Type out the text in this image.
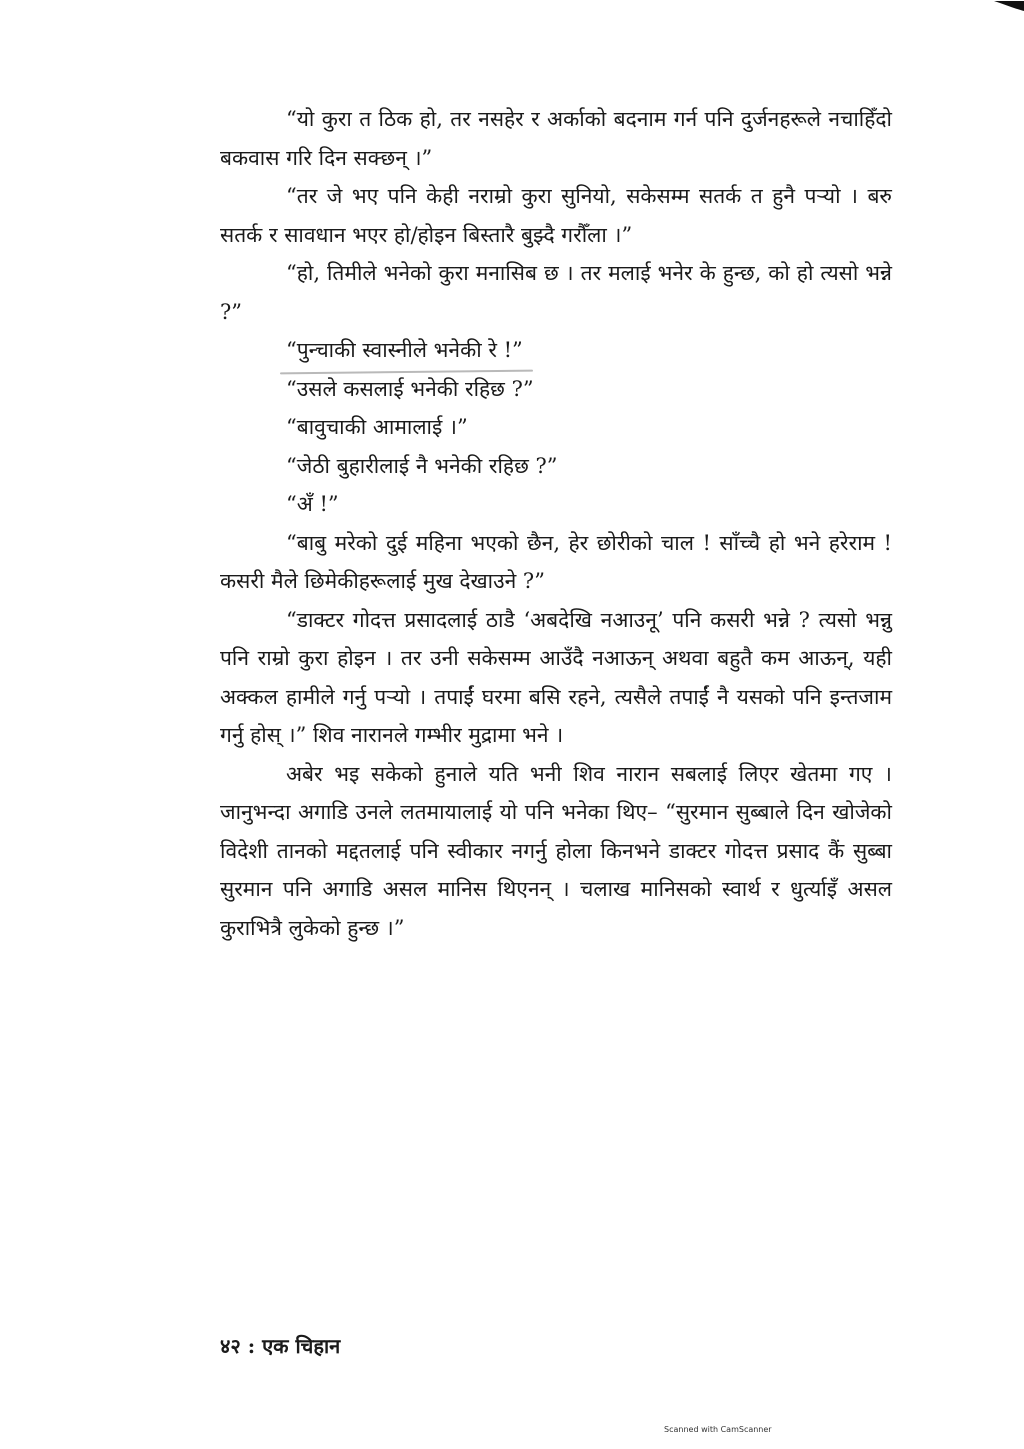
“यो कुरा त ठिक हो, तर नसहेर र अर्काको बदनाम गर्न पनि दुर्जनहरूले नचाहिँदो बकवास गरि दिन सक्छन् ।”

“तर जे भए पनि केही नराम्रो कुरा सुनियो, सकेसम्म सतर्क त हुनै पऱ्यो । बरु सतर्क र सावधान भएर हो/होइन बिस्तारै बुझ्दै गरौँला ।”

“हो, तिमीले भनेको कुरा मनासिब छ । तर मलाई भनेर के हुन्छ, को हो त्यसो भन्ने ?”

“पुन्चाकी स्वास्नीले भनेकी रे !”

“उसले कसलाई भनेकी रहिछ ?”

“बावुचाकी आमालाई ।”

“जेठी बुहारीलाई नै भनेकी रहिछ ?”

“अँ !”

“बाबु मरेको दुई महिना भएको छैन, हेर छोरीको चाल ! साँच्चै हो भने हरेराम ! कसरी मैले छिमेकीहरूलाई मुख देखाउने ?”

“डाक्टर गोदत्त प्रसादलाई ठाडै ‘अबदेखि नआउनू’ पनि कसरी भन्ने ? त्यसो भन्नु पनि राम्रो कुरा होइन । तर उनी सकेसम्म आउँदै नआऊन् अथवा बहुतै कम आऊन्, यही अक्कल हामीले गर्नु पऱ्यो । तपाईं घरमा बसि रहने, त्यसैले तपाईं नै यसको पनि इन्तजाम गर्नु होस् ।” शिव नारानले गम्भीर मुद्रामा भने ।

अबेर भइ सकेको हुनाले यति भनी शिव नारान सबलाई लिएर खेतमा गए । जानुभन्दा अगाडि उनले लतमायालाई यो पनि भनेका थिए– “सुरमान सुब्बाले दिन खोजेको विदेशी तानको मद्दतलाई पनि स्वीकार नगर्नु होला किनभने डाक्टर गोदत्त प्रसाद कैं सुब्बा सुरमान पनि अगाडि असल मानिस थिएनन् । चलाख मानिसको स्वार्थ र धुर्त्याइँ असल कुराभित्रै लुकेको हुन्छ ।”

४२ : एक चिहान
Scanned with CamScanner
